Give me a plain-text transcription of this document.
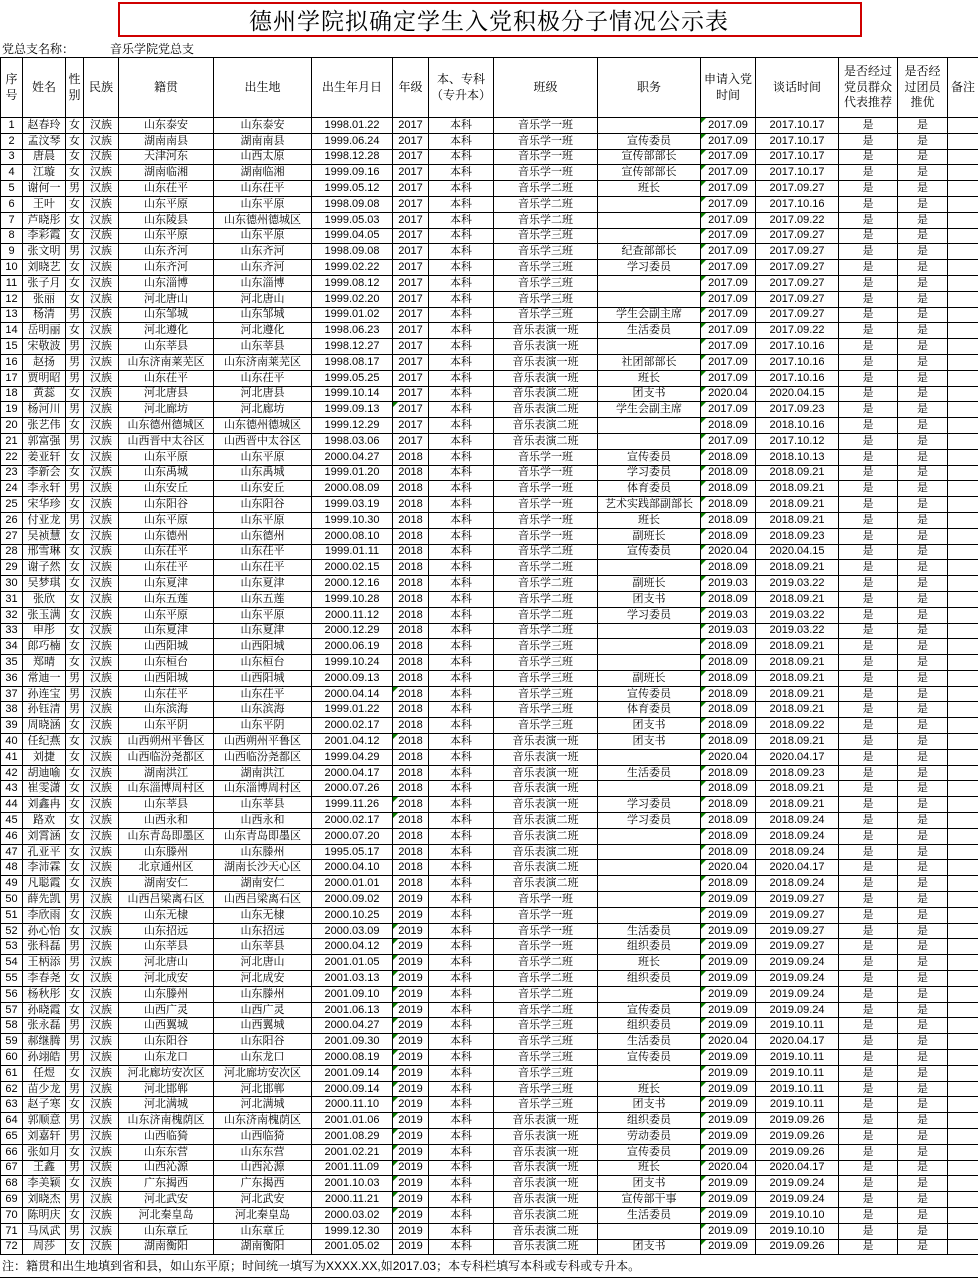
德州学院拟确定学生入党积极分子情况公示表
党总支名称：	音乐学院党总支
序号	姓名	性别	民族	籍贯	出生地	出生年月日	年级	本、专科（专升本）	班级	职务	申请入党时间	谈话时间	是否经过党员群众代表推荐	是否经过团员推优	备注
1	赵春玲	女	汉族	山东泰安	山东泰安	1998.01.22	2017	本科	音乐学一班		2017.09	2017.10.17	是	是	
2	孟汶琴	女	汉族	湖南南县	湖南南县	1999.06.24	2017	本科	音乐学一班	宣传委员	2017.09	2017.10.17	是	是	
3	唐晨	女	汉族	天津河东	山西太原	1998.12.28	2017	本科	音乐学一班	宣传部部长	2017.09	2017.10.17	是	是	
4	江璇	女	汉族	湖南临湘	湖南临湘	1999.09.16	2017	本科	音乐学一班	宣传部部长	2017.09	2017.10.17	是	是	
5	谢何一	男	汉族	山东茌平	山东茌平	1999.05.12	2017	本科	音乐学二班	班长	2017.09	2017.09.27	是	是	
6	王叶	女	汉族	山东平原	山东平原	1998.09.08	2017	本科	音乐学二班		2017.09	2017.10.16	是	是	
7	芦晓彤	女	汉族	山东陵县	山东德州德城区	1999.05.03	2017	本科	音乐学二班		2017.09	2017.09.22	是	是	
8	李彩霞	女	汉族	山东平原	山东平原	1999.04.05	2017	本科	音乐学三班		2017.09	2017.09.27	是	是	
9	张文明	男	汉族	山东齐河	山东齐河	1998.09.08	2017	本科	音乐学三班	纪查部部长	2017.09	2017.09.27	是	是	
10	刘晓艺	女	汉族	山东齐河	山东齐河	1999.02.22	2017	本科	音乐学三班	学习委员	2017.09	2017.09.27	是	是	
11	张子月	女	汉族	山东淄博	山东淄博	1999.08.12	2017	本科	音乐学三班		2017.09	2017.09.27	是	是	
12	张丽	女	汉族	河北唐山	河北唐山	1999.02.20	2017	本科	音乐学三班		2017.09	2017.09.27	是	是	
13	杨清	男	汉族	山东邹城	山东邹城	1999.01.02	2017	本科	音乐学三班	学生会副主席	2017.09	2017.09.27	是	是	
14	岳明丽	女	汉族	河北遵化	河北遵化	1998.06.23	2017	本科	音乐表演一班	生活委员	2017.09	2017.09.22	是	是	
15	宋敬波	男	汉族	山东莘县	山东莘县	1998.12.27	2017	本科	音乐表演一班		2017.09	2017.10.16	是	是	
16	赵扬	男	汉族	山东济南莱芜区	山东济南莱芜区	1998.08.17	2017	本科	音乐表演一班	社团部部长	2017.09	2017.10.16	是	是	
17	贾明昭	男	汉族	山东茌平	山东茌平	1999.05.25	2017	本科	音乐表演一班	班长	2017.09	2017.10.16	是	是	
18	黄蕊	女	汉族	河北唐县	河北唐县	1999.10.14	2017	本科	音乐表演二班	团支书	2020.04	2020.04.15	是	是	
19	杨河川	男	汉族	河北廊坊	河北廊坊	1999.09.13	2017	本科	音乐表演二班	学生会副主席	2017.09	2017.09.23	是	是	
20	张艺伟	女	汉族	山东德州德城区	山东德州德城区	1999.12.29	2017	本科	音乐表演二班		2018.09	2018.10.16	是	是	
21	郭富强	男	汉族	山西晋中太谷区	山西晋中太谷区	1998.03.06	2017	本科	音乐表演二班		2017.09	2017.10.12	是	是	
22	姜亚轩	女	汉族	山东平原	山东平原	2000.04.27	2018	本科	音乐学一班	宣传委员	2018.09	2018.10.13	是	是	
23	李新会	女	汉族	山东禹城	山东禹城	1999.01.20	2018	本科	音乐学一班	学习委员	2018.09	2018.09.21	是	是	
24	李永轩	男	汉族	山东安丘	山东安丘	2000.08.09	2018	本科	音乐学一班	体育委员	2018.09	2018.09.21	是	是	
25	宋华珍	女	汉族	山东阳谷	山东阳谷	1999.03.19	2018	本科	音乐学一班	艺术实践部副部长	2018.09	2018.09.21	是	是	
26	付亚龙	男	汉族	山东平原	山东平原	1999.10.30	2018	本科	音乐学一班	班长	2018.09	2018.09.21	是	是	
27	吴祯慧	女	汉族	山东德州	山东德州	2000.08.10	2018	本科	音乐学一班	副班长	2018.09	2018.09.23	是	是	
28	邢雪琳	女	汉族	山东茌平	山东茌平	1999.01.11	2018	本科	音乐学二班	宣传委员	2020.04	2020.04.15	是	是	
29	谢子然	女	汉族	山东茌平	山东茌平	2000.02.15	2018	本科	音乐学二班		2018.09	2018.09.21	是	是	
30	吴梦琪	女	汉族	山东夏津	山东夏津	2000.12.16	2018	本科	音乐学二班	副班长	2019.03	2019.03.22	是	是	
31	张欣	女	汉族	山东五莲	山东五莲	1999.10.28	2018	本科	音乐学二班	团支书	2018.09	2018.09.21	是	是	
32	张玉满	女	汉族	山东平原	山东平原	2000.11.12	2018	本科	音乐学二班	学习委员	2019.03	2019.03.22	是	是	
33	申彤	女	汉族	山东夏津	山东夏津	2000.12.29	2018	本科	音乐学二班		2019.03	2019.03.22	是	是	
34	郎巧楠	女	汉族	山西阳城	山西阳城	2000.06.19	2018	本科	音乐学三班		2018.09	2018.09.21	是	是	
35	郑晴	女	汉族	山东桓台	山东桓台	1999.10.24	2018	本科	音乐学三班		2018.09	2018.09.21	是	是	
36	常迪一	男	汉族	山西阳城	山西阳城	2000.09.13	2018	本科	音乐学三班	副班长	2018.09	2018.09.21	是	是	
37	孙连宝	男	汉族	山东茌平	山东茌平	2000.04.14	2018	本科	音乐学三班	宣传委员	2018.09	2018.09.21	是	是	
38	孙钰清	男	汉族	山东滨海	山东滨海	1999.01.22	2018	本科	音乐学三班	体育委员	2018.09	2018.09.21	是	是	
39	周晓涵	女	汉族	山东平阴	山东平阴	2000.02.17	2018	本科	音乐学三班	团支书	2018.09	2018.09.22	是	是	
40	任纪燕	女	汉族	山西朔州平鲁区	山西朔州平鲁区	2001.04.12	2018	本科	音乐表演一班	团支书	2018.09	2018.09.21	是	是	
41	刘捷	女	汉族	山西临汾尧都区	山西临汾尧都区	1999.04.29	2018	本科	音乐表演一班		2020.04	2020.04.17	是	是	
42	胡迪喻	女	汉族	湖南洪江	湖南洪江	2000.04.17	2018	本科	音乐表演一班	生活委员	2018.09	2018.09.23	是	是	
43	崔雯潇	女	汉族	山东淄博周村区	山东淄博周村区	2000.07.26	2018	本科	音乐表演一班		2018.09	2018.09.21	是	是	
44	刘鑫冉	女	汉族	山东莘县	山东莘县	1999.11.26	2018	本科	音乐表演一班	学习委员	2018.09	2018.09.21	是	是	
45	路欢	女	汉族	山西永和	山西永和	2000.02.17	2018	本科	音乐表演二班	学习委员	2018.09	2018.09.24	是	是	
46	刘霄涵	女	汉族	山东青岛即墨区	山东青岛即墨区	2000.07.20	2018	本科	音乐表演二班		2018.09	2018.09.24	是	是	
47	孔亚平	女	汉族	山东滕州	山东滕州	1995.05.17	2018	本科	音乐表演二班		2018.09	2018.09.24	是	是	
48	李沛霖	女	汉族	北京通州区	湖南长沙天心区	2000.04.10	2018	本科	音乐表演二班		2020.04	2020.04.17	是	是	
49	凡聪霞	女	汉族	湖南安仁	湖南安仁	2000.01.01	2018	本科	音乐表演二班		2018.09	2018.09.24	是	是	
50	薛先凯	男	汉族	山西吕梁离石区	山西吕梁离石区	2000.09.02	2019	本科	音乐学一班		2019.09	2019.09.27	是	是	
51	李欣雨	女	汉族	山东无棣	山东无棣	2000.10.25	2019	本科	音乐学一班		2019.09	2019.09.27	是	是	
52	孙心怡	女	汉族	山东招远	山东招远	2000.03.09	2019	本科	音乐学一班	生活委员	2019.09	2019.09.27	是	是	
53	张科磊	男	汉族	山东莘县	山东莘县	2000.04.12	2019	本科	音乐学一班	组织委员	2019.09	2019.09.27	是	是	
54	王柄添	男	汉族	河北唐山	河北唐山	2001.01.05	2019	本科	音乐学二班	班长	2019.09	2019.09.24	是	是	
55	李春尧	女	汉族	河北成安	河北成安	2001.03.13	2019	本科	音乐学二班	组织委员	2019.09	2019.09.24	是	是	
56	杨秋彤	女	汉族	山东滕州	山东滕州	2001.09.10	2019	本科	音乐学二班		2019.09	2019.09.24	是	是	
57	孙晓霞	女	汉族	山西广灵	山西广灵	2001.06.13	2019	本科	音乐学二班	宣传委员	2019.09	2019.09.24	是	是	
58	张永磊	男	汉族	山西翼城	山西翼城	2000.04.27	2019	本科	音乐学三班	组织委员	2019.09	2019.10.11	是	是	
59	郝继腾	男	汉族	山东阳谷	山东阳谷	2001.09.30	2019	本科	音乐学三班	生活委员	2020.04	2020.04.17	是	是	
60	孙翊皓	男	汉族	山东龙口	山东龙口	2000.08.19	2019	本科	音乐学三班	宣传委员	2019.09	2019.10.11	是	是	
61	任煜	女	汉族	河北廊坊安次区	河北廊坊安次区	2001.09.14	2019	本科	音乐学三班		2019.09	2019.10.11	是	是	
62	苗少龙	男	汉族	河北邯郸	河北邯郸	2000.09.14	2019	本科	音乐学三班	班长	2019.09	2019.10.11	是	是	
63	赵子寒	女	汉族	河北满城	河北满城	2000.11.10	2019	本科	音乐学三班	团支书	2019.09	2019.10.11	是	是	
64	郭顺意	男	汉族	山东济南槐荫区	山东济南槐荫区	2001.01.06	2019	本科	音乐表演一班	组织委员	2019.09	2019.09.26	是	是	
65	刘嘉轩	男	汉族	山西临猗	山西临猗	2001.08.29	2019	本科	音乐表演一班	劳动委员	2019.09	2019.09.26	是	是	
66	张如月	女	汉族	山东东营	山东东营	2001.02.21	2019	本科	音乐表演一班	宣传委员	2019.09	2019.09.26	是	是	
67	王鑫	男	汉族	山西沁源	山西沁源	2001.11.09	2019	本科	音乐表演一班	班长	2020.04	2020.04.17	是	是	
68	李美颖	女	汉族	广东揭西	广东揭西	2001.10.03	2019	本科	音乐表演一班	团支书	2019.09	2019.09.24	是	是	
69	刘晓杰	男	汉族	河北武安	河北武安	2000.11.21	2019	本科	音乐表演一班	宣传部干事	2019.09	2019.09.24	是	是	
70	陈明庆	女	汉族	河北秦皇岛	河北秦皇岛	2000.03.02	2019	本科	音乐表演二班	生活委员	2019.09	2019.10.10	是	是	
71	马凤武	男	汉族	山东章丘	山东章丘	1999.12.30	2019	本科	音乐表演二班		2019.09	2019.10.10	是	是	
72	周莎	女	汉族	湖南衡阳	湖南衡阳	2001.05.02	2019	本科	音乐表演二班	团支书	2019.09	2019.09.26	是	是	
注：籍贯和出生地填到省和县，如山东平原；时间统一填写为XXXX.XX,如2017.03；本专科栏填写本科或专科或专升本。
